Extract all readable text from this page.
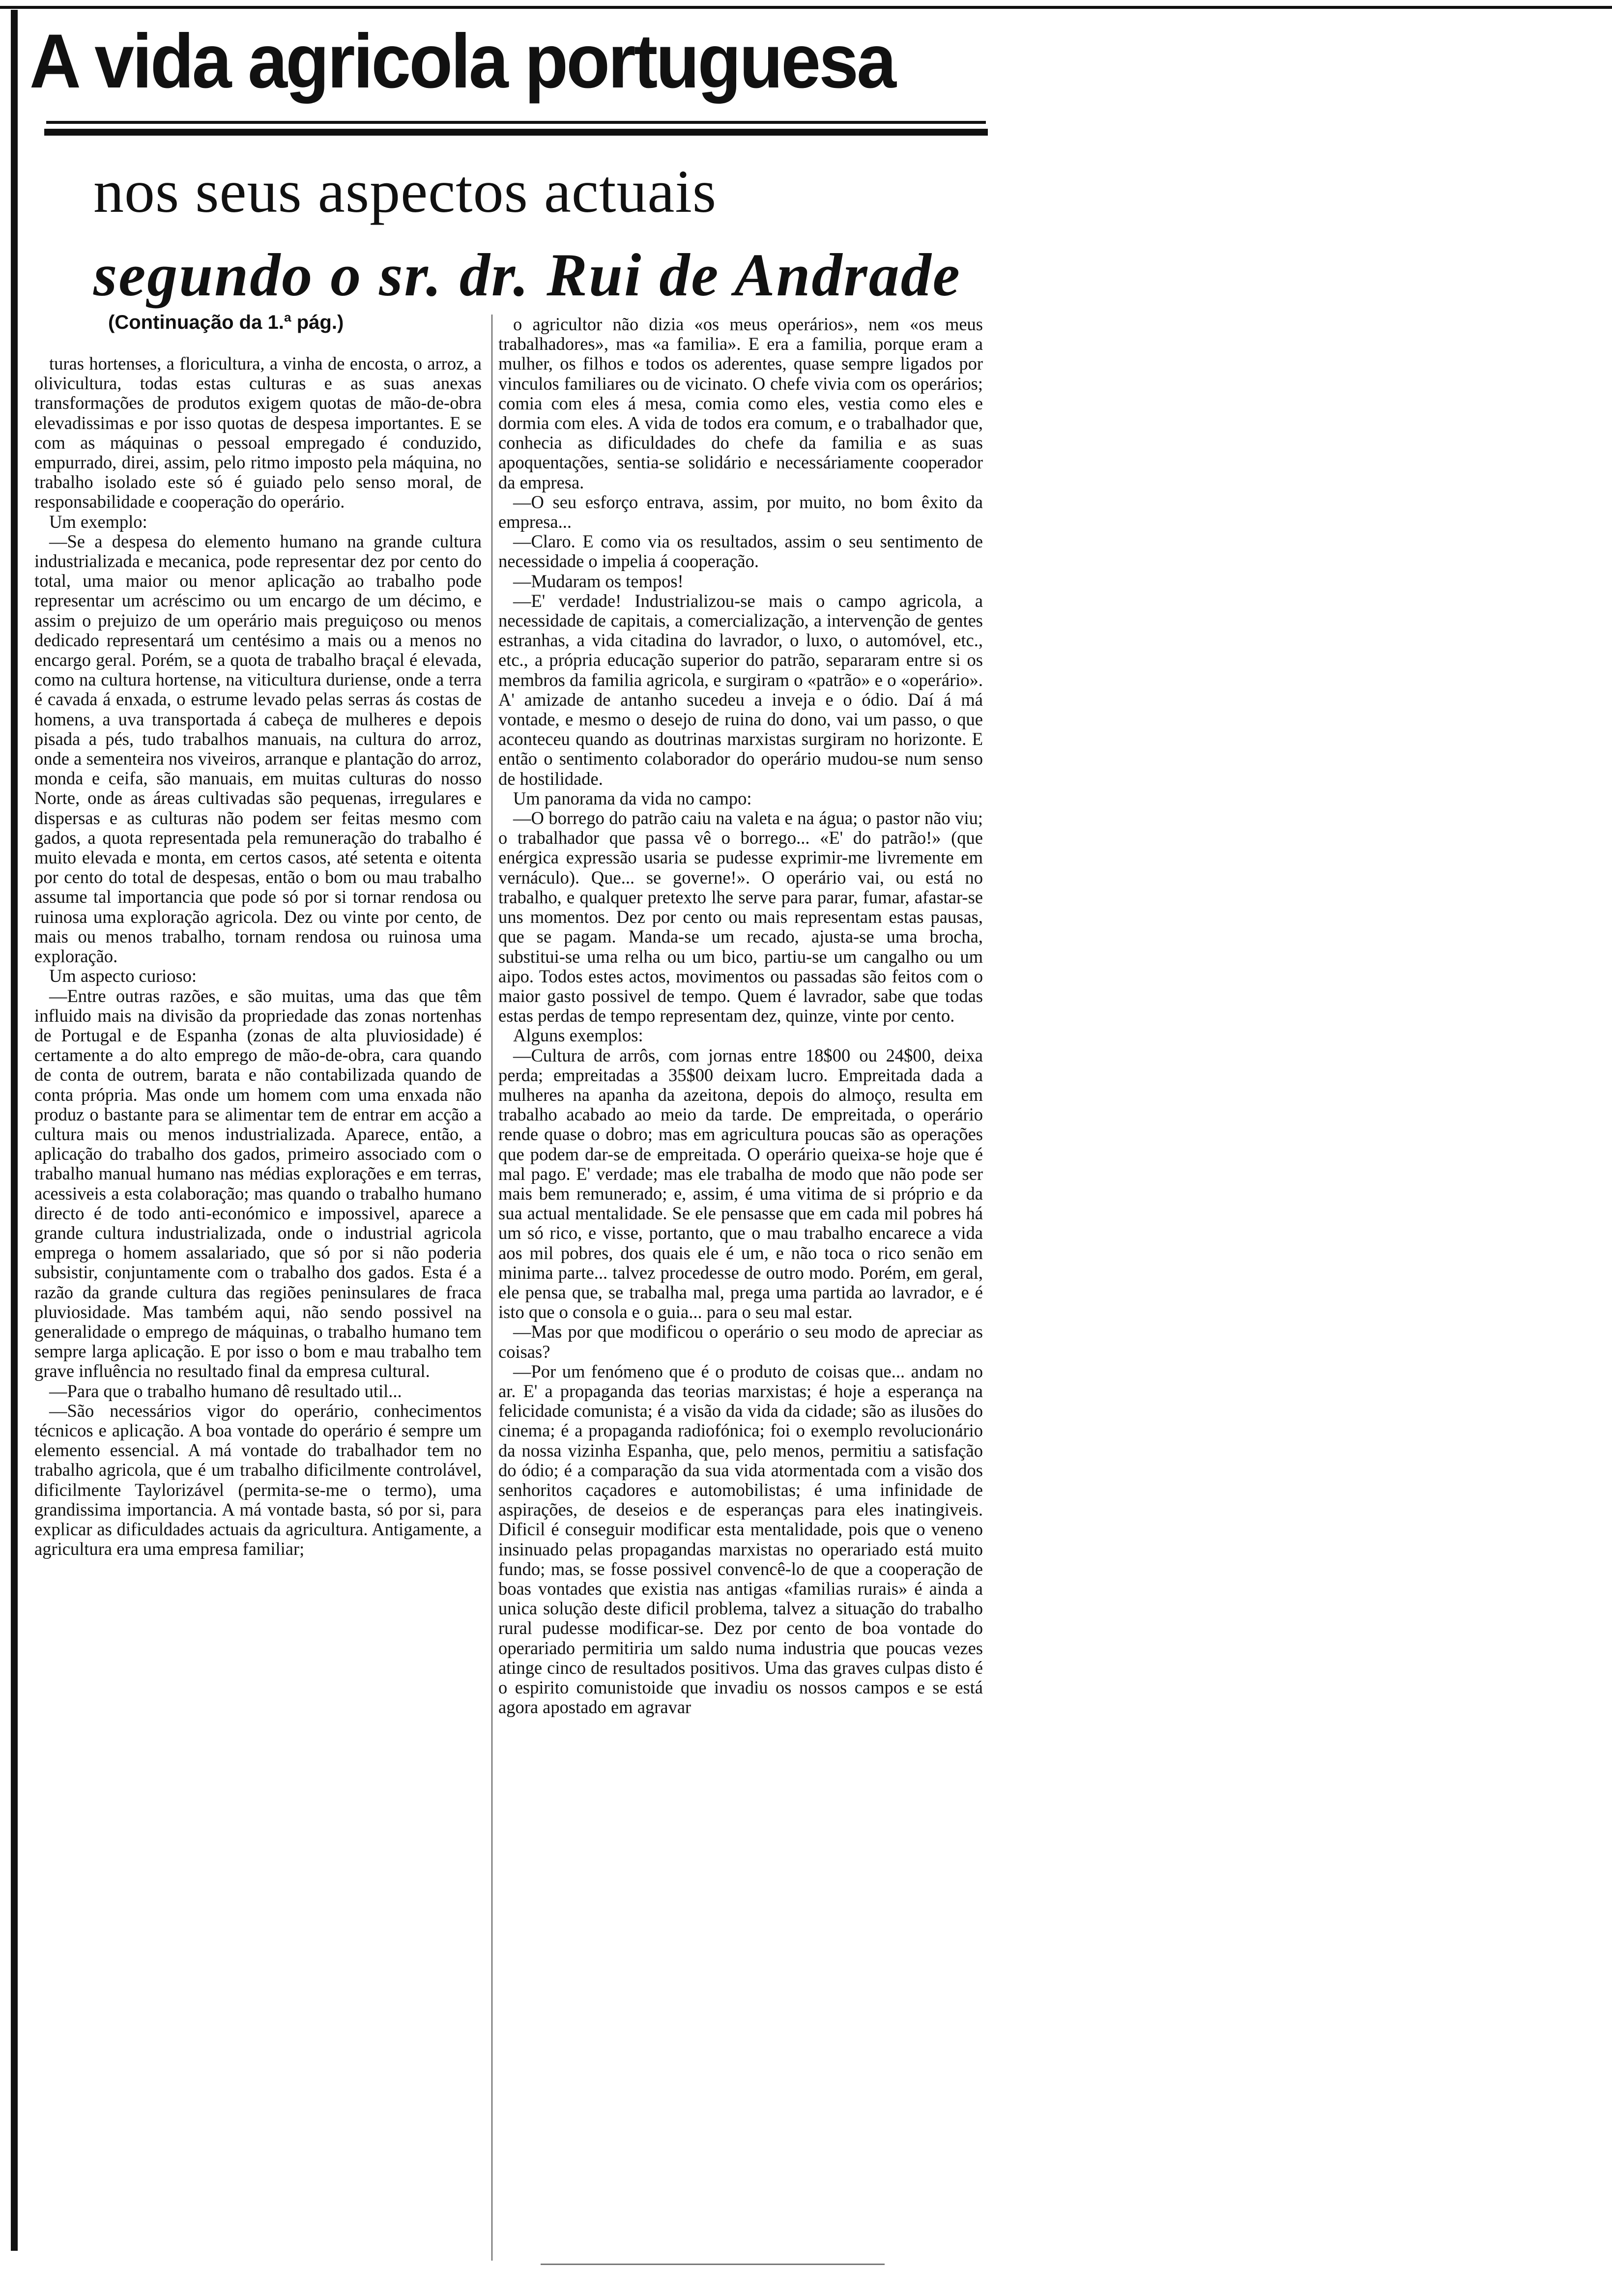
A vida agricola portuguesa
nos seus aspectos actuais
segundo o sr. dr. Rui de Andrade
(Continuação da 1.ª pág.)

turas hortenses, a floricultura, a vinha de encosta, o arroz, a olivicultura, todas estas culturas e as suas anexas transformações de produtos exigem quotas de mão-de-obra elevadissimas e por isso quotas de despesa importantes. E se com as máquinas o pessoal empregado é conduzido, empurrado, direi, assim, pelo ritmo imposto pela máquina, no trabalho isolado este só é guiado pelo senso moral, de responsabilidade e cooperação do operário.

Um exemplo:

—Se a despesa do elemento humano na grande cultura industrializada e mecanica, pode representar dez por cento do total, uma maior ou menor aplicação ao trabalho pode representar um acréscimo ou um encargo de um décimo, e assim o prejuizo de um operário mais preguiçoso ou menos dedicado representará um centésimo a mais ou a menos no encargo geral. Porém, se a quota de trabalho braçal é elevada, como na cultura hortense, na viticultura duriense, onde a terra é cavada á enxada, o estrume levado pelas serras ás costas de homens, a uva transportada á cabeça de mulheres e depois pisada a pés, tudo trabalhos manuais, na cultura do arroz, onde a sementeira nos viveiros, arranque e plantação do arroz, monda e ceifa, são manuais, em muitas culturas do nosso Norte, onde as áreas cultivadas são pequenas, irregulares e dispersas e as culturas não podem ser feitas mesmo com gados, a quota representada pela remuneração do trabalho é muito elevada e monta, em certos casos, até setenta e oitenta por cento do total de despesas, então o bom ou mau trabalho assume tal importancia que pode só por si tornar rendosa ou ruinosa uma exploração agricola. Dez ou vinte por cento, de mais ou menos trabalho, tornam rendosa ou ruinosa uma exploração.

Um aspecto curioso:

—Entre outras razões, e são muitas, uma das que têm influido mais na divisão da propriedade das zonas nortenhas de Portugal e de Espanha (zonas de alta pluviosidade) é certamente a do alto emprego de mão-de-obra, cara quando de conta de outrem, barata e não contabilizada quando de conta própria. Mas onde um homem com uma enxada não produz o bastante para se alimentar tem de entrar em acção a cultura mais ou menos industrializada. Aparece, então, a aplicação do trabalho dos gados, primeiro associado com o trabalho manual humano nas médias explorações e em terras, acessiveis a esta colaboração; mas quando o trabalho humano directo é de todo anti-económico e impossivel, aparece a grande cultura industrializada, onde o industrial agricola emprega o homem assalariado, que só por si não poderia subsistir, conjuntamente com o trabalho dos gados. Esta é a razão da grande cultura das regiões peninsulares de fraca pluviosidade. Mas também aqui, não sendo possivel na generalidade o emprego de máquinas, o trabalho humano tem sempre larga aplicação. E por isso o bom e mau trabalho tem grave influência no resultado final da empresa cultural.

—Para que o trabalho humano dê resultado util...

—São necessários vigor do operário, conhecimentos técnicos e aplicação. A boa vontade do operário é sempre um elemento essencial. A má vontade do trabalhador tem no trabalho agricola, que é um trabalho dificilmente controlável, dificilmente Taylorizável (permita-se-me o termo), uma grandissima importancia. A má vontade basta, só por si, para explicar as dificuldades actuais da agricultura. Antigamente, a agricultura era uma empresa familiar;

o agricultor não dizia «os meus operários», nem «os meus trabalhadores», mas «a familia». E era a familia, porque eram a mulher, os filhos e todos os aderentes, quase sempre ligados por vinculos familiares ou de vicinato. O chefe vivia com os operários; comia com eles á mesa, comia como eles, vestia como eles e dormia com eles. A vida de todos era comum, e o trabalhador que, conhecia as dificuldades do chefe da familia e as suas apoquentações, sentia-se solidário e necessáriamente cooperador da empresa.

—O seu esforço entrava, assim, por muito, no bom êxito da empresa...

—Claro. E como via os resultados, assim o seu sentimento de necessidade o impelia á cooperação.

—Mudaram os tempos!

—E' verdade! Industrializou-se mais o campo agricola, a necessidade de capitais, a comercialização, a intervenção de gentes estranhas, a vida citadina do lavrador, o luxo, o automóvel, etc., etc., a própria educação superior do patrão, separaram entre si os membros da familia agricola, e surgiram o «patrão» e o «operário». A' amizade de antanho sucedeu a inveja e o ódio. Daí á má vontade, e mesmo o desejo de ruina do dono, vai um passo, o que aconteceu quando as doutrinas marxistas surgiram no horizonte. E então o sentimento colaborador do operário mudou-se num senso de hostilidade.

Um panorama da vida no campo:

—O borrego do patrão caiu na valeta e na água; o pastor não viu; o trabalhador que passa vê o borrego... «E' do patrão!» (que enérgica expressão usaria se pudesse exprimir-me livremente em vernáculo). Que... se governe!». O operário vai, ou está no trabalho, e qualquer pretexto lhe serve para parar, fumar, afastar-se uns momentos. Dez por cento ou mais representam estas pausas, que se pagam. Manda-se um recado, ajusta-se uma brocha, substitui-se uma relha ou um bico, partiu-se um cangalho ou um aipo. Todos estes actos, movimentos ou passadas são feitos com o maior gasto possivel de tempo. Quem é lavrador, sabe que todas estas perdas de tempo representam dez, quinze, vinte por cento.

Alguns exemplos:

—Cultura de arrôs, com jornas entre 18$00 ou 24$00, deixa perda; empreitadas a 35$00 deixam lucro. Empreitada dada a mulheres na apanha da azeitona, depois do almoço, resulta em trabalho acabado ao meio da tarde. De empreitada, o operário rende quase o dobro; mas em agricultura poucas são as operações que podem dar-se de empreitada. O operário queixa-se hoje que é mal pago. E' verdade; mas ele trabalha de modo que não pode ser mais bem remunerado; e, assim, é uma vitima de si próprio e da sua actual mentalidade. Se ele pensasse que em cada mil pobres há um só rico, e visse, portanto, que o mau trabalho encarece a vida aos mil pobres, dos quais ele é um, e não toca o rico senão em minima parte... talvez procedesse de outro modo. Porém, em geral, ele pensa que, se trabalha mal, prega uma partida ao lavrador, e é isto que o consola e o guia... para o seu mal estar.

—Mas por que modificou o operário o seu modo de apreciar as coisas?

—Por um fenómeno que é o produto de coisas que... andam no ar. E' a propaganda das teorias marxistas; é hoje a esperança na felicidade comunista; é a visão da vida da cidade; são as ilusões do cinema; é a propaganda radiofónica; foi o exemplo revolucionário da nossa vizinha Espanha, que, pelo menos, permitiu a satisfação do ódio; é a comparação da sua vida atormentada com a visão dos senhoritos caçadores e automobilistas; é uma infinidade de aspirações, de deseios e de esperanças para eles inatingiveis. Dificil é conseguir modificar esta mentalidade, pois que o veneno insinuado pelas propagandas marxistas no operariado está muito fundo; mas, se fosse possivel convencê-lo de que a cooperação de boas vontades que existia nas antigas «familias rurais» é ainda a unica solução deste dificil problema, talvez a situação do trabalho rural pudesse modificar-se. Dez por cento de boa vontade do operariado permitiria um saldo numa industria que poucas vezes atinge cinco de resultados positivos. Uma das graves culpas disto é o espirito comunistoide que invadiu os nossos campos e se está agora apostado em agravar
